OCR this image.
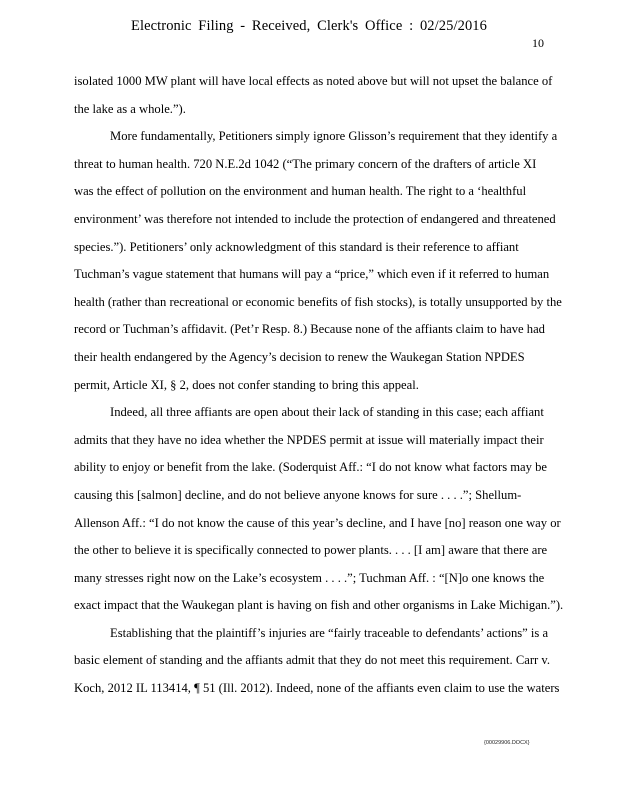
Electronic Filing - Received, Clerk's Office : 02/25/2016
10
isolated 1000 MW plant will have local effects as noted above but will not upset the balance of
the lake as a whole.”).
More fundamentally, Petitioners simply ignore Glisson’s requirement that they identify a
threat to human health. 720 N.E.2d 1042 (“The primary concern of the drafters of article XI
was the effect of pollution on the environment and human health. The right to a ‘healthful
environment’ was therefore not intended to include the protection of endangered and threatened
species.”). Petitioners’ only acknowledgment of this standard is their reference to affiant
Tuchman’s vague statement that humans will pay a “price,” which even if it referred to human
health (rather than recreational or economic benefits of fish stocks), is totally unsupported by the
record or Tuchman’s affidavit. (Pet’r Resp. 8.) Because none of the affiants claim to have had
their health endangered by the Agency’s decision to renew the Waukegan Station NPDES
permit, Article XI, § 2, does not confer standing to bring this appeal.
Indeed, all three affiants are open about their lack of standing in this case; each affiant
admits that they have no idea whether the NPDES permit at issue will materially impact their
ability to enjoy or benefit from the lake. (Soderquist Aff.: “I do not know what factors may be
causing this [salmon] decline, and do not believe anyone knows for sure . . . .”; Shellum-
Allenson Aff.: “I do not know the cause of this year’s decline, and I have [no] reason one way or
the other to believe it is specifically connected to power plants. . . . [I am] aware that there are
many stresses right now on the Lake’s ecosystem . . . .”; Tuchman Aff. : “[N]o one knows the
exact impact that the Waukegan plant is having on fish and other organisms in Lake Michigan.”).
Establishing that the plaintiff’s injuries are “fairly traceable to defendants’ actions” is a
basic element of standing and the affiants admit that they do not meet this requirement. Carr v.
Koch, 2012 IL 113414, ¶ 51 (Ill. 2012). Indeed, none of the affiants even claim to use the waters
{00029906.DOCX}
